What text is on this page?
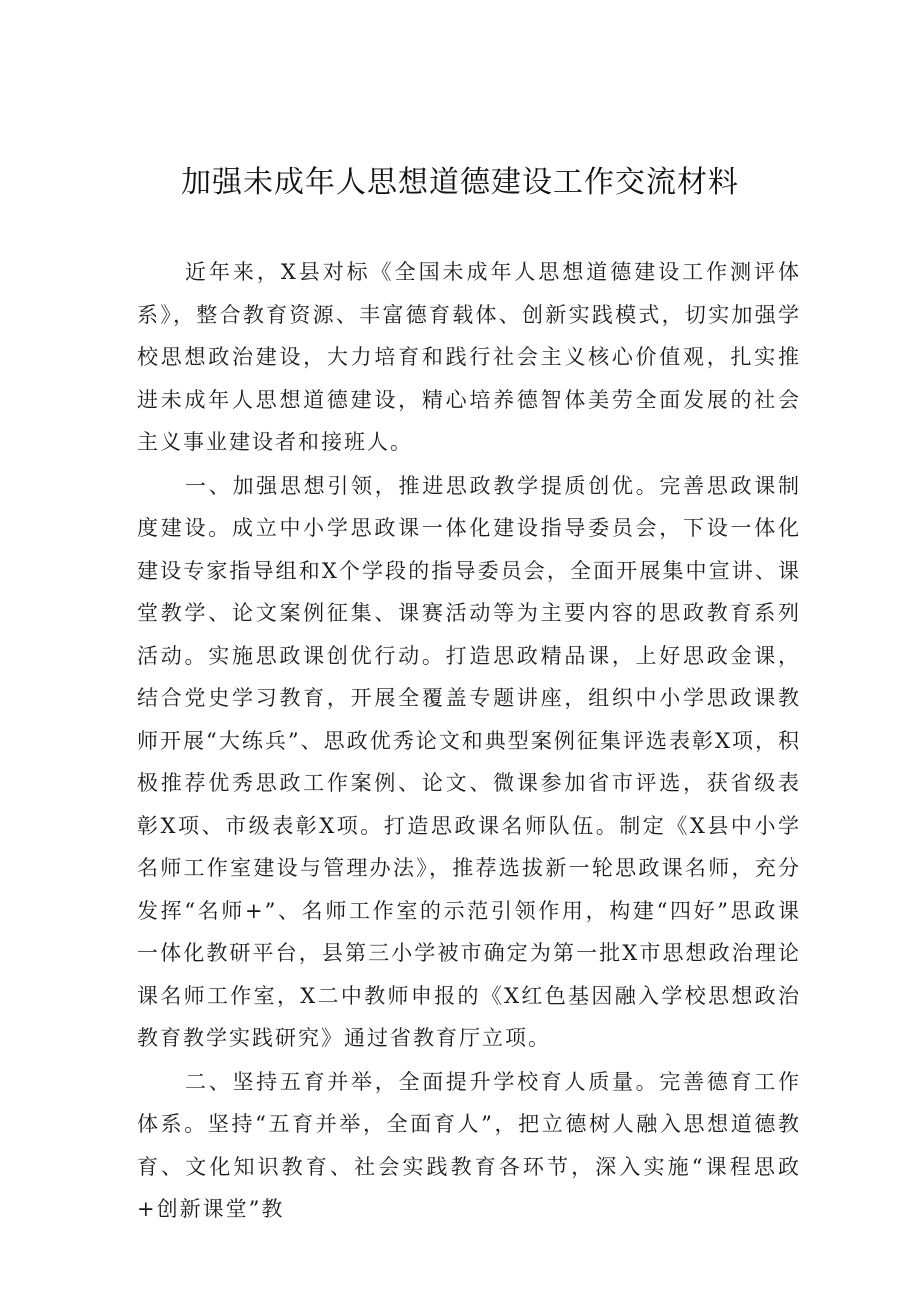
加强未成年人思想道德建设工作交流材料

近年来，X县对标《全国未成年人思想道德建设工作测评体系》，整合教育资源、丰富德育载体、创新实践模式，切实加强学校思想政治建设，大力培育和践行社会主义核心价值观，扎实推进未成年人思想道德建设，精心培养德智体美劳全面发展的社会主义事业建设者和接班人。

一、加强思想引领，推进思政教学提质创优。完善思政课制度建设。成立中小学思政课一体化建设指导委员会，下设一体化建设专家指导组和X个学段的指导委员会，全面开展集中宣讲、课堂教学、论文案例征集、课赛活动等为主要内容的思政教育系列活动。实施思政课创优行动。打造思政精品课，上好思政金课，结合党史学习教育，开展全覆盖专题讲座，组织中小学思政课教师开展“大练兵”、思政优秀论文和典型案例征集评选表彰X项，积极推荐优秀思政工作案例、论文、微课参加省市评选，获省级表彰X项、市级表彰X项。打造思政课名师队伍。制定《X县中小学名师工作室建设与管理办法》，推荐选拔新一轮思政课名师，充分发挥“名师+”、名师工作室的示范引领作用，构建“四好”思政课一体化教研平台，县第三小学被市确定为第一批X市思想政治理论课名师工作室，X二中教师申报的《X红色基因融入学校思想政治教育教学实践研究》通过省教育厅立项。

二、坚持五育并举，全面提升学校育人质量。完善德育工作体系。坚持“五育并举，全面育人”，把立德树人融入思想道德教育、文化知识教育、社会实践教育各环节，深入实施“课程思政+创新课堂”教
